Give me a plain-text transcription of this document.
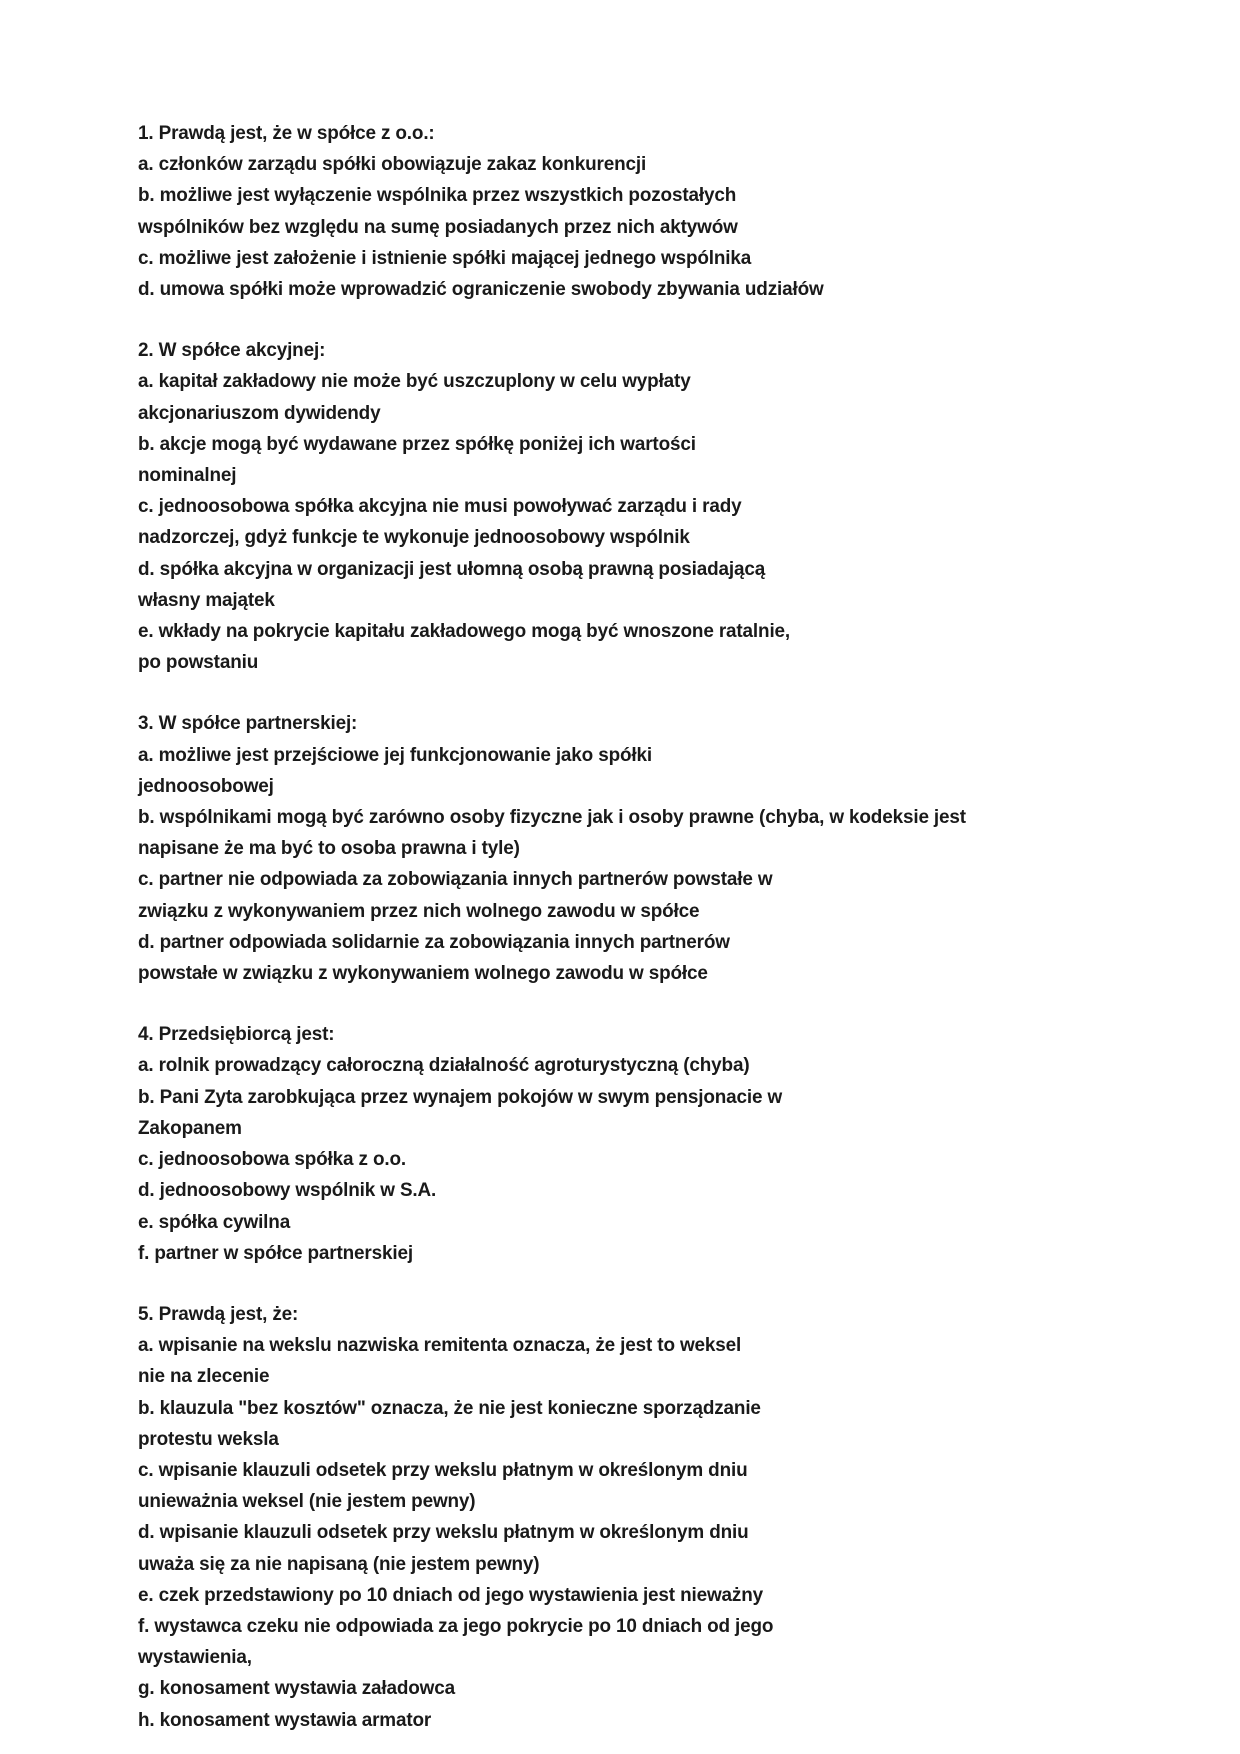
1. Prawdą jest, że w spółce z o.o.:
a. członków zarządu spółki obowiązuje zakaz konkurencji
b. możliwe jest wyłączenie wspólnika przez wszystkich pozostałych
wspólników bez względu na sumę posiadanych przez nich aktywów
c. możliwe jest założenie i istnienie spółki mającej jednego wspólnika
d. umowa spółki może wprowadzić ograniczenie swobody zbywania udziałów
2. W spółce akcyjnej:
a. kapitał zakładowy nie może być uszczuplony w celu wypłaty
akcjonariuszom dywidendy
b. akcje mogą być wydawane przez spółkę poniżej ich wartości
nominalnej
c. jednoosobowa spółka akcyjna nie musi powoływać zarządu i rady
nadzorczej, gdyż funkcje te wykonuje jednoosobowy wspólnik
d. spółka akcyjna w organizacji jest ułomną osobą prawną posiadającą
własny majątek
e. wkłady na pokrycie kapitału zakładowego mogą być wnoszone ratalnie,
po powstaniu
3. W spółce partnerskiej:
a. możliwe jest przejściowe jej funkcjonowanie jako spółki
jednoosobowej
b. wspólnikami mogą być zarówno osoby fizyczne jak i osoby prawne (chyba, w kodeksie jest
napisane że ma być to osoba prawna i tyle)
c. partner nie odpowiada za zobowiązania innych partnerów powstałe w
związku z wykonywaniem przez nich wolnego zawodu w spółce
d. partner odpowiada solidarnie za zobowiązania innych partnerów
powstałe w związku z wykonywaniem wolnego zawodu w spółce
4. Przedsiębiorcą jest:
a. rolnik prowadzący całoroczną działalność agroturystyczną (chyba)
b. Pani Zyta zarobkująca przez wynajem pokojów w swym pensjonacie w
Zakopanem
c. jednoosobowa spółka z o.o.
d. jednoosobowy wspólnik w S.A.
e. spółka cywilna
f. partner w spółce partnerskiej
5. Prawdą jest, że:
a. wpisanie na wekslu nazwiska remitenta oznacza, że jest to weksel
nie na zlecenie
b. klauzula "bez kosztów" oznacza, że nie jest konieczne sporządzanie
protestu weksla
c. wpisanie klauzuli odsetek przy wekslu płatnym w określonym dniu
unieważnia weksel (nie jestem pewny)
d. wpisanie klauzuli odsetek przy wekslu płatnym w określonym dniu
uważa się za nie napisaną (nie jestem pewny)
e. czek przedstawiony po 10 dniach od jego wystawienia jest nieważny
f. wystawca czeku nie odpowiada za jego pokrycie po 10 dniach od jego
wystawienia,
g. konosament wystawia załadowca
h. konosament wystawia armator
